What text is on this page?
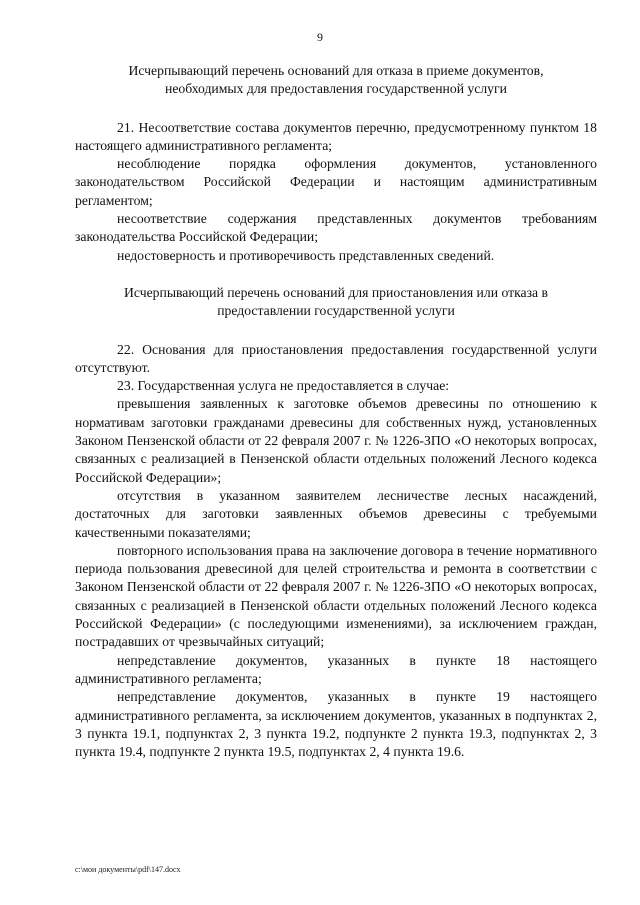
9

Исчерпывающий перечень оснований для отказа в приеме документов,
необходимых для предоставления государственной услуги

21. Несоответствие состава документов перечню, предусмотренному пунктом 18 настоящего административного регламента;

несоблюдение порядка оформления документов, установленного законодательством Российской Федерации и настоящим административным регламентом;

несоответствие содержания представленных документов требованиям законодательства Российской Федерации;

недостоверность и противоречивость представленных сведений.

Исчерпывающий перечень оснований для приостановления или отказа в
предоставлении государственной услуги

22. Основания для приостановления предоставления государственной услуги отсутствуют.

23. Государственная услуга не предоставляется в случае:

превышения заявленных к заготовке объемов древесины по отношению к нормативам заготовки гражданами древесины для собственных нужд, установленных Законом Пензенской области от 22 февраля 2007 г. № 1226-ЗПО «О некоторых вопросах, связанных с реализацией в Пензенской области отдельных положений Лесного кодекса Российской Федерации»;

отсутствия в указанном заявителем лесничестве лесных насаждений, достаточных для заготовки заявленных объемов древесины с требуемыми качественными показателями;

повторного использования права на заключение договора в течение нормативного периода пользования древесиной для целей строительства и ремонта в соответствии с Законом Пензенской области от 22 февраля 2007 г. № 1226-ЗПО «О некоторых вопросах, связанных с реализацией в Пензенской области отдельных положений Лесного кодекса Российской Федерации» (с последующими изменениями), за исключением граждан, пострадавших от чрезвычайных ситуаций;

непредставление документов, указанных в пункте 18 настоящего административного регламента;

непредставление документов, указанных в пункте 19 настоящего административного регламента, за исключением документов, указанных в подпунктах 2, 3 пункта 19.1, подпунктах 2, 3 пункта 19.2, подпункте 2 пункта 19.3, подпунктах 2, 3 пункта 19.4, подпункте 2 пункта 19.5, подпунктах 2, 4 пункта 19.6.

c:\мои документы\pdf\147.docx
